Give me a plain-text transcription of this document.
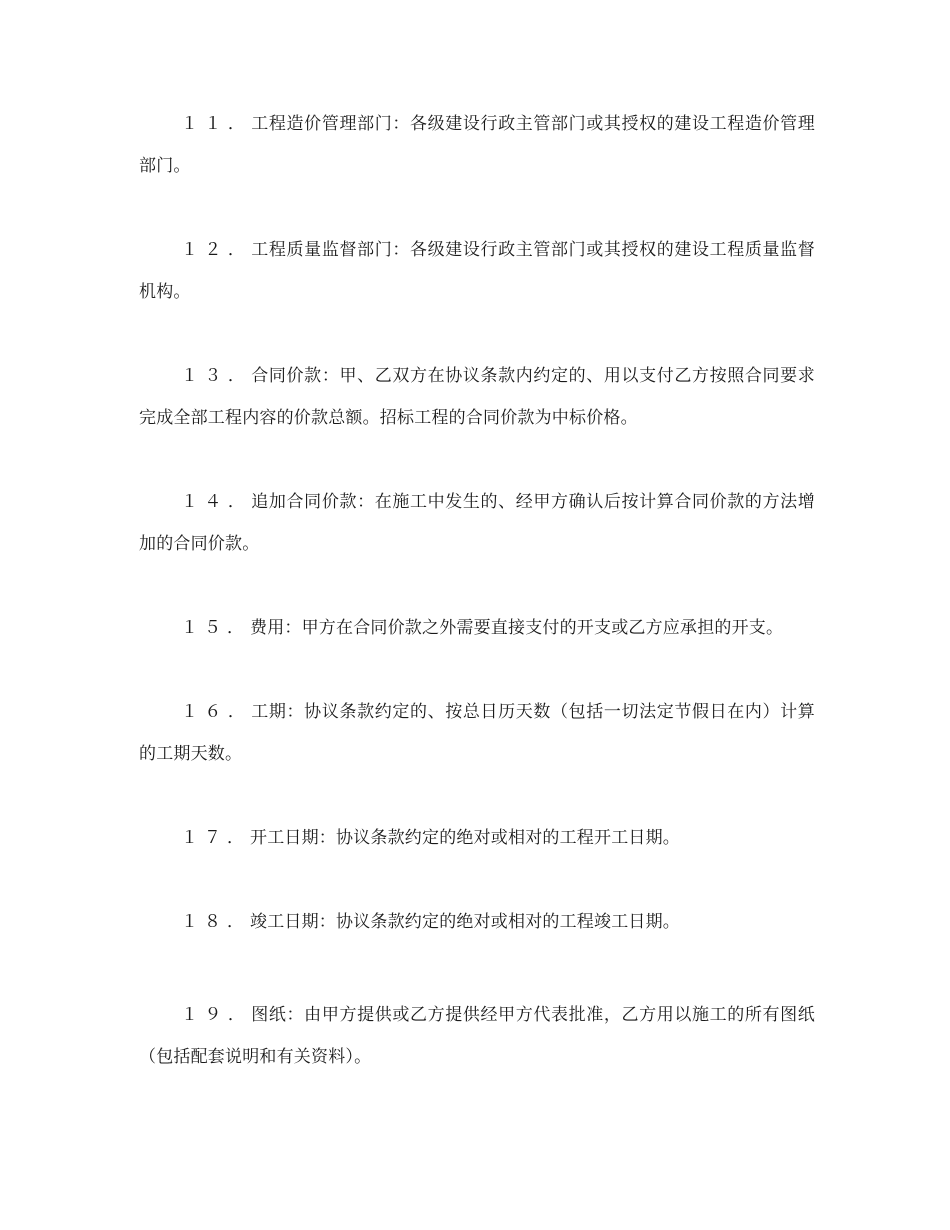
１１．工程造价管理部门：各级建设行政主管部门或其授权的建设工程造价管理部门。

１２．工程质量监督部门：各级建设行政主管部门或其授权的建设工程质量监督机构。

１３．合同价款：甲、乙双方在协议条款内约定的、用以支付乙方按照合同要求完成全部工程内容的价款总额。招标工程的合同价款为中标价格。

１４．追加合同价款：在施工中发生的、经甲方确认后按计算合同价款的方法增加的合同价款。

１５．费用：甲方在合同价款之外需要直接支付的开支或乙方应承担的开支。

１６．工期：协议条款约定的、按总日历天数（包括一切法定节假日在内）计算的工期天数。

１７．开工日期：协议条款约定的绝对或相对的工程开工日期。

１８．竣工日期：协议条款约定的绝对或相对的工程竣工日期。

１９．图纸：由甲方提供或乙方提供经甲方代表批准，乙方用以施工的所有图纸（包括配套说明和有关资料）。
